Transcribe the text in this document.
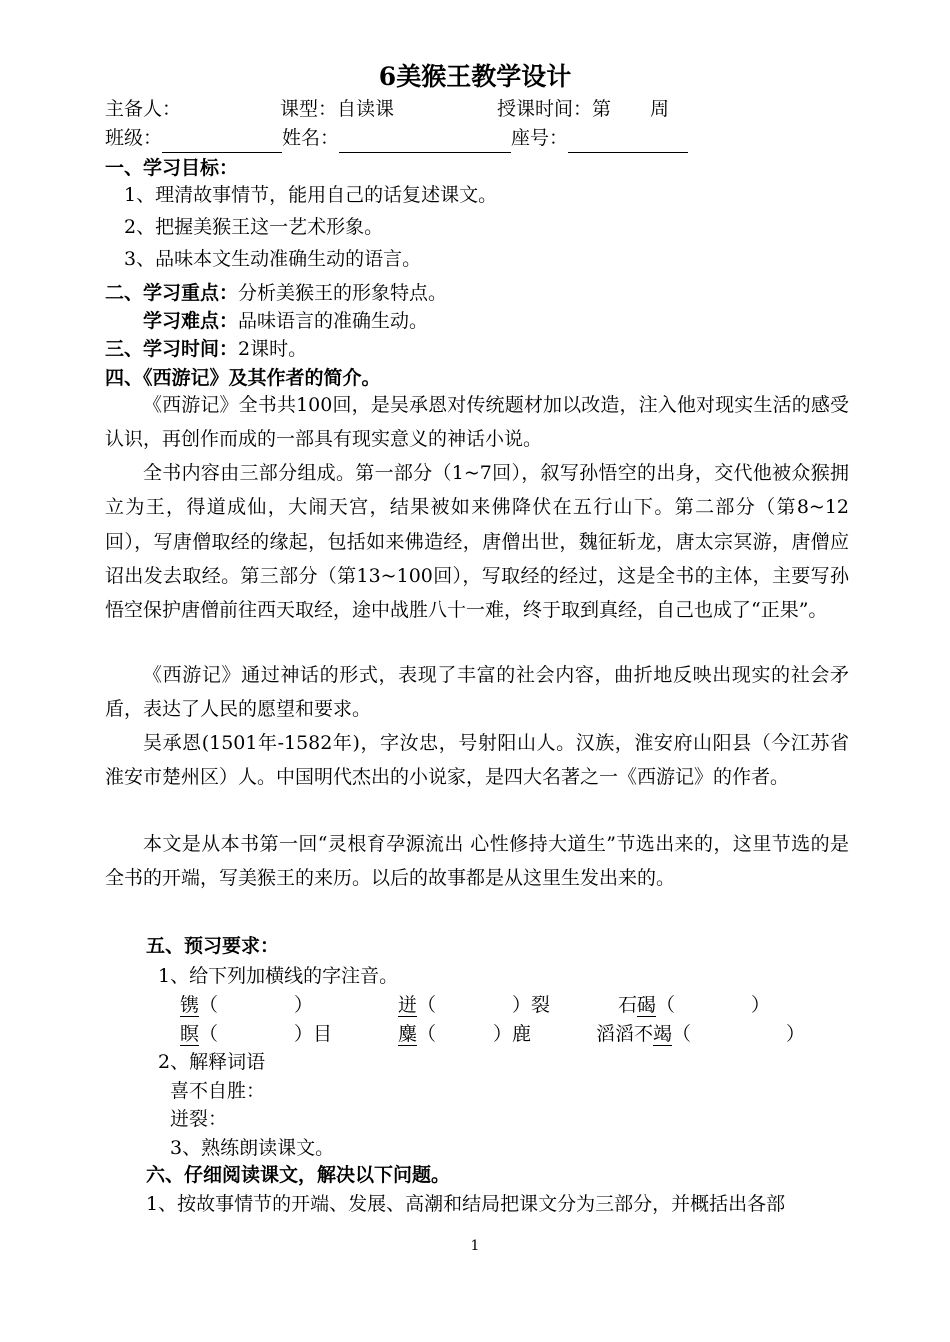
6美猴王教学设计
主备人：	课型：自读课	授课时间：第 周
班级：	姓名：	座号：
一、学习目标：
1、理清故事情节，能用自己的话复述课文。
2、把握美猴王这一艺术形象。
3、品味本文生动准确生动的语言。
二、学习重点：分析美猴王的形象特点。
学习难点：品味语言的准确生动。
三、学习时间：2课时。
四、《西游记》及其作者的简介。
《西游记》全书共100回，是吴承恩对传统题材加以改造，注入他对现实生活的感受认识，再创作而成的一部具有现实意义的神话小说。
全书内容由三部分组成。第一部分（1~7回），叙写孙悟空的出身，交代他被众猴拥立为王，得道成仙，大闹天宫，结果被如来佛降伏在五行山下。第二部分（第8~12回），写唐僧取经的缘起，包括如来佛造经，唐僧出世，魏征斩龙，唐太宗冥游，唐僧应诏出发去取经。第三部分（第13~100回），写取经的经过，这是全书的主体，主要写孙悟空保护唐僧前往西天取经，途中战胜八十一难，终于取到真经，自己也成了“正果”。
《西游记》通过神话的形式，表现了丰富的社会内容，曲折地反映出现实的社会矛盾，表达了人民的愿望和要求。
吴承恩(1501年-1582年)，字汝忠，号射阳山人。汉族，淮安府山阳县（今江苏省淮安市楚州区）人。中国明代杰出的小说家，是四大名著之一《西游记》的作者。
本文是从本书第一回“灵根育孕源流出 心性修持大道生”节选出来的，这里节选的是全书的开端，写美猴王的来历。以后的故事都是从这里生发出来的。
五、预习要求：
1、给下列加横线的字注音。
镌（　　　　）	迸（　　　　）裂	石碣（　　　　）
瞑（　　　　）目	麋（　　　）鹿	滔滔不竭（　　　　　）
2、解释词语
喜不自胜：
迸裂：
3、熟练朗读课文。
六、仔细阅读课文，解决以下问题。
1、按故事情节的开端、发展、高潮和结局把课文分为三部分，并概括出各部
1
